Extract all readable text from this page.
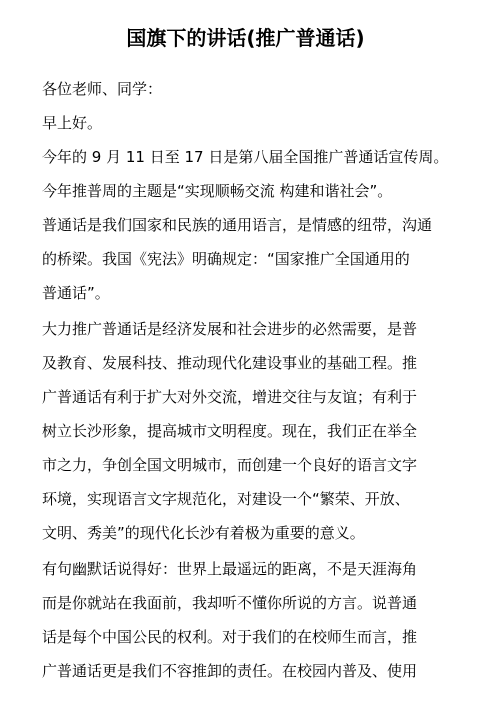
国旗下的讲话(推广普通话)
各位老师、同学：
早上好。
今年的 9 月 11 日至 17 日是第八届全国推广普通话宣传周。
今年推普周的主题是“实现顺畅交流 构建和谐社会”。
普通话是我们国家和民族的通用语言，是情感的纽带，沟通
的桥梁。我国《宪法》明确规定：“国家推广全国通用的
普通话”。
大力推广普通话是经济发展和社会进步的必然需要，是普
及教育、发展科技、推动现代化建设事业的基础工程。推
广普通话有利于扩大对外交流，增进交往与友谊；有利于
树立长沙形象，提高城市文明程度。现在，我们正在举全
市之力，争创全国文明城市，而创建一个良好的语言文字
环境，实现语言文字规范化，对建设一个“繁荣、开放、
文明、秀美”的现代化长沙有着极为重要的意义。
有句幽默话说得好：世界上最遥远的距离，不是天涯海角
而是你就站在我面前，我却听不懂你所说的方言。说普通
话是每个中国公民的权利。对于我们的在校师生而言，推
广普通话更是我们不容推卸的责任。在校园内普及、使用
